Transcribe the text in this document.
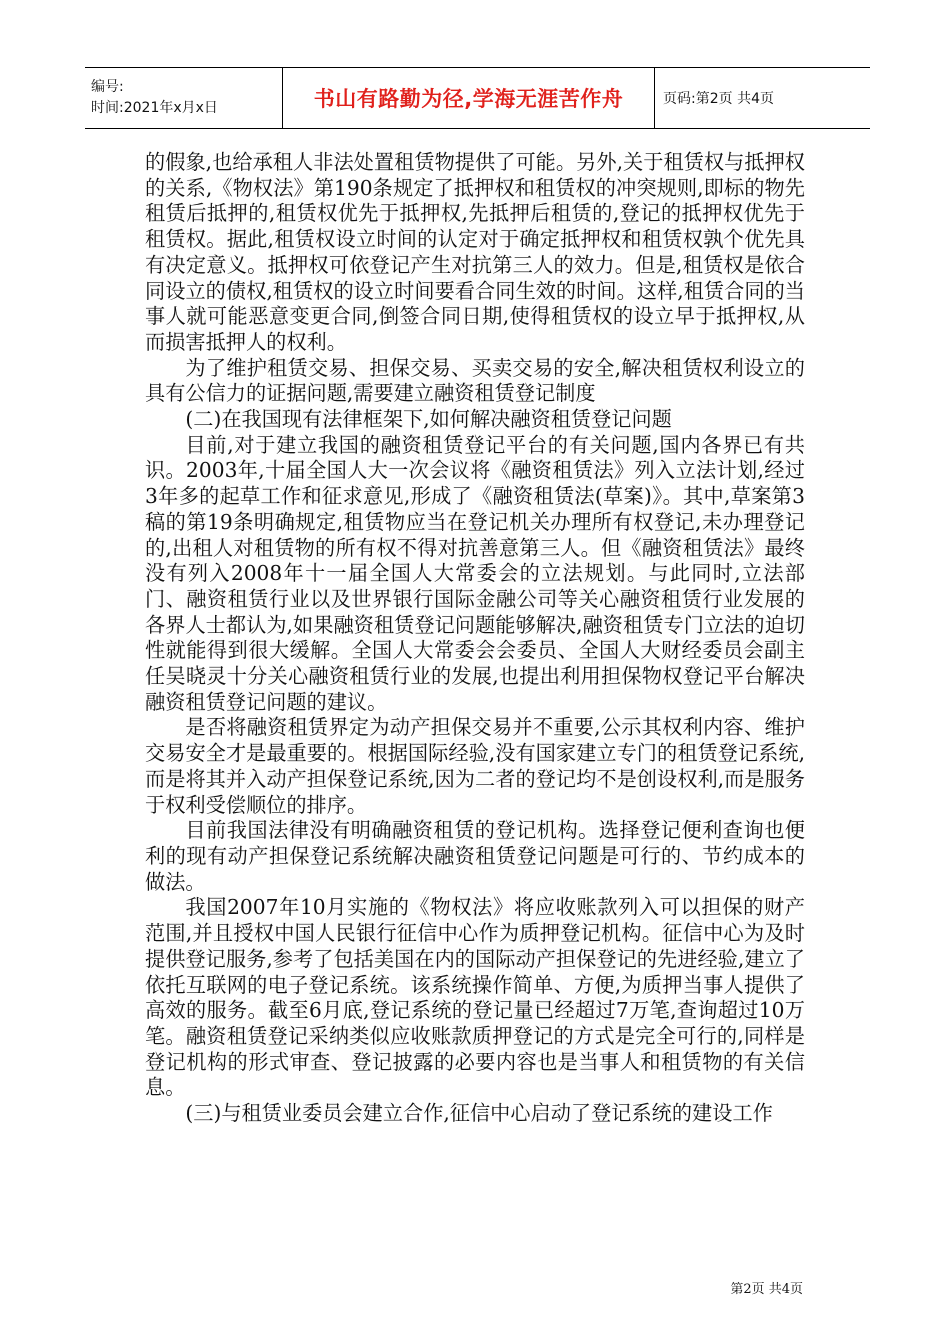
编号:
时间:2021年x月x日	书山有路勤为径,学海无涯苦作舟	页码:第2页 共4页

的假象,也给承租人非法处置租赁物提供了可能。另外,关于租赁权与抵押权的关系,《物权法》第190条规定了抵押权和租赁权的冲突规则,即标的物先租赁后抵押的,租赁权优先于抵押权,先抵押后租赁的,登记的抵押权优先于租赁权。据此,租赁权设立时间的认定对于确定抵押权和租赁权孰个优先具有决定意义。抵押权可依登记产生对抗第三人的效力。但是,租赁权是依合同设立的债权,租赁权的设立时间要看合同生效的时间。这样,租赁合同的当事人就可能恶意变更合同,倒签合同日期,使得租赁权的设立早于抵押权,从而损害抵押人的权利。

为了维护租赁交易、担保交易、买卖交易的安全,解决租赁权利设立的具有公信力的证据问题,需要建立融资租赁登记制度

(二)在我国现有法律框架下,如何解决融资租赁登记问题

目前,对于建立我国的融资租赁登记平台的有关问题,国内各界已有共识。2003年,十届全国人大一次会议将《融资租赁法》列入立法计划,经过3年多的起草工作和征求意见,形成了《融资租赁法(草案)》。其中,草案第3稿的第19条明确规定,租赁物应当在登记机关办理所有权登记,未办理登记的,出租人对租赁物的所有权不得对抗善意第三人。但《融资租赁法》最终没有列入2008年十一届全国人大常委会的立法规划。与此同时,立法部门、融资租赁行业以及世界银行国际金融公司等关心融资租赁行业发展的各界人士都认为,如果融资租赁登记问题能够解决,融资租赁专门立法的迫切性就能得到很大缓解。全国人大常委会会委员、全国人大财经委员会副主任吴晓灵十分关心融资租赁行业的发展,也提出利用担保物权登记平台解决融资租赁登记问题的建议。

是否将融资租赁界定为动产担保交易并不重要,公示其权利内容、维护交易安全才是最重要的。根据国际经验,没有国家建立专门的租赁登记系统,而是将其并入动产担保登记系统,因为二者的登记均不是创设权利,而是服务于权利受偿顺位的排序。

目前我国法律没有明确融资租赁的登记机构。选择登记便利查询也便利的现有动产担保登记系统解决融资租赁登记问题是可行的、节约成本的做法。

我国2007年10月实施的《物权法》将应收账款列入可以担保的财产范围,并且授权中国人民银行征信中心作为质押登记机构。征信中心为及时提供登记服务,参考了包括美国在内的国际动产担保登记的先进经验,建立了依托互联网的电子登记系统。该系统操作简单、方便,为质押当事人提供了高效的服务。截至6月底,登记系统的登记量已经超过7万笔,查询超过10万笔。融资租赁登记采纳类似应收账款质押登记的方式是完全可行的,同样是登记机构的形式审查、登记披露的必要内容也是当事人和租赁物的有关信息。

(三)与租赁业委员会建立合作,征信中心启动了登记系统的建设工作

第2页 共4页
